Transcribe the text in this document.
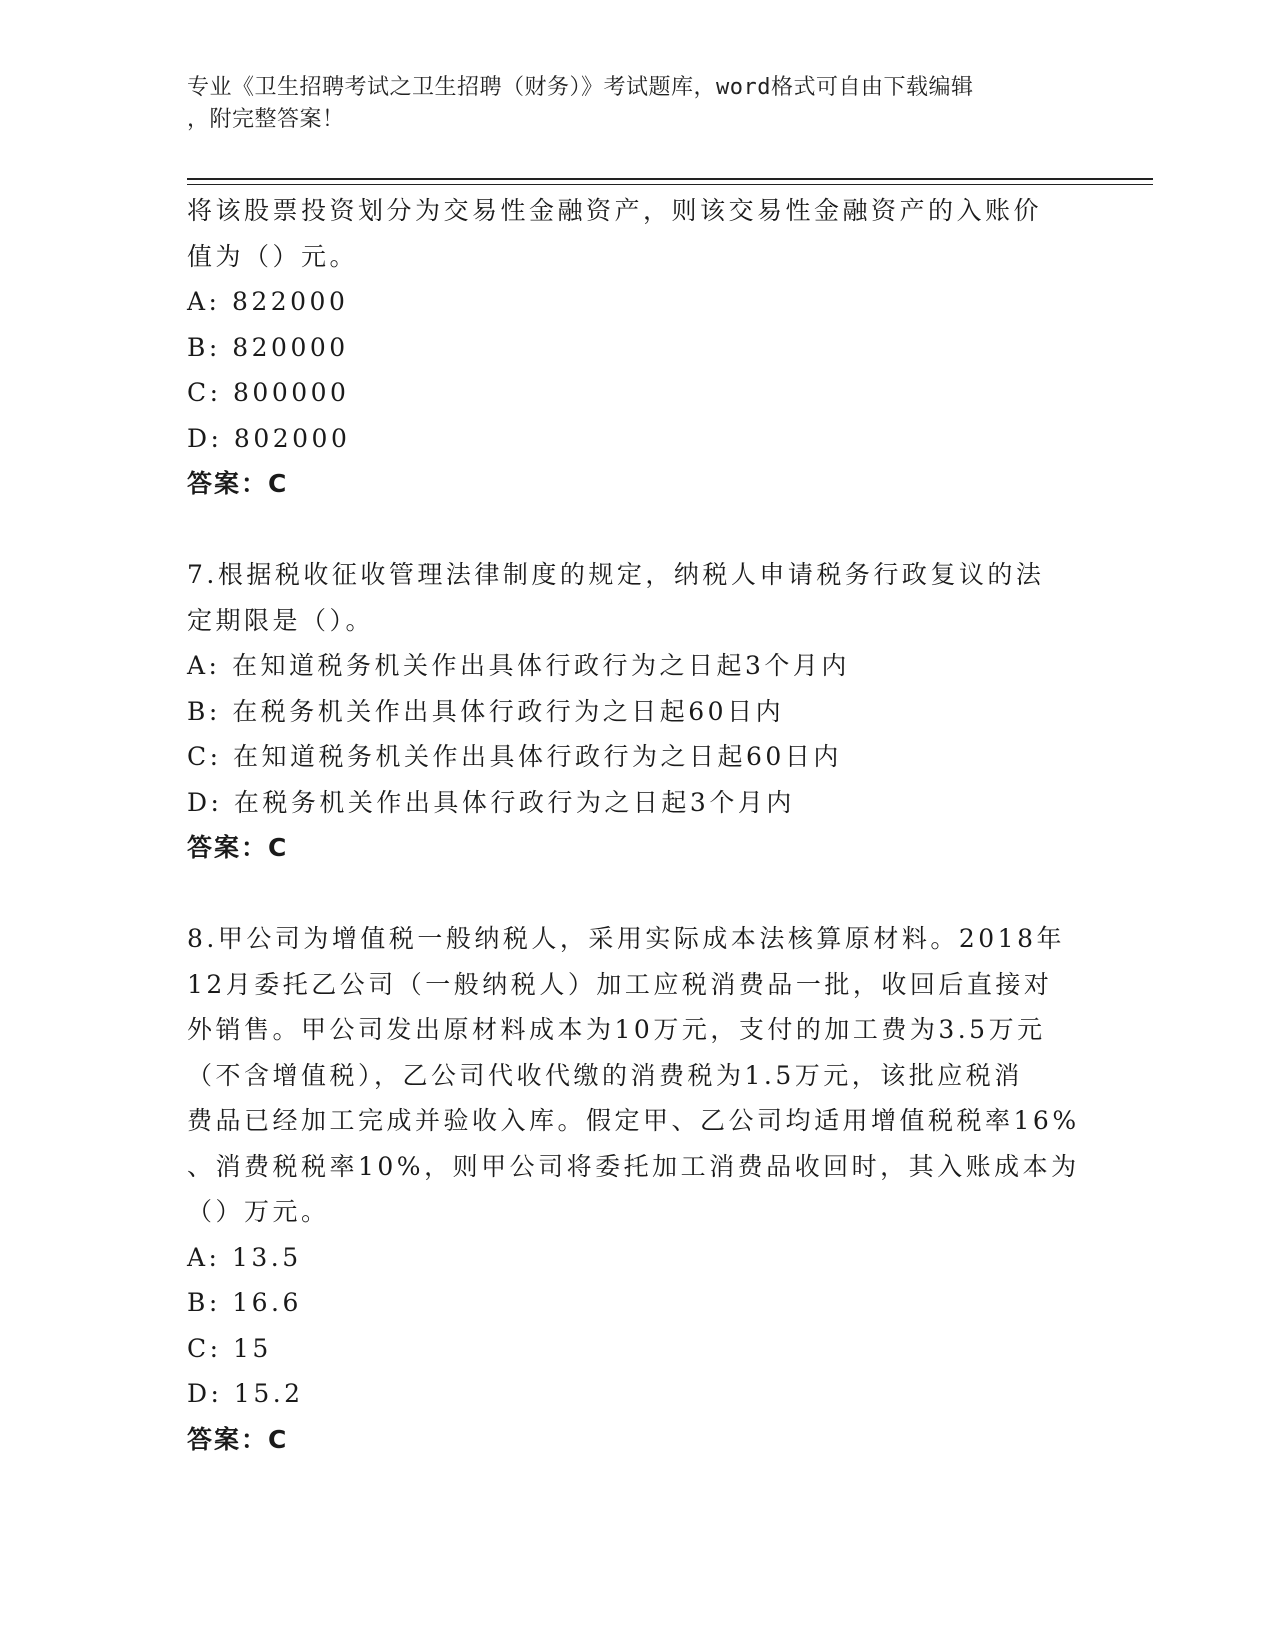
专业《卫生招聘考试之卫生招聘（财务）》考试题库，word格式可自由下载编辑
，附完整答案！

将该股票投资划分为交易性金融资产，则该交易性金融资产的入账价

值为（）元。

A: 822000

B: 820000

C: 800000

D: 802000

答案：C

7.根据税收征收管理法律制度的规定，纳税人申请税务行政复议的法

定期限是（）。

A: 在知道税务机关作出具体行政行为之日起3个月内

B: 在税务机关作出具体行政行为之日起60日内

C: 在知道税务机关作出具体行政行为之日起60日内

D: 在税务机关作出具体行政行为之日起3个月内

答案：C

8.甲公司为增值税一般纳税人，采用实际成本法核算原材料。2018年

12月委托乙公司（一般纳税人）加工应税消费品一批，收回后直接对

外销售。甲公司发出原材料成本为10万元，支付的加工费为3.5万元

（不含增值税），乙公司代收代缴的消费税为1.5万元，该批应税消

费品已经加工完成并验收入库。假定甲、乙公司均适用增值税税率16%

、消费税税率10%，则甲公司将委托加工消费品收回时，其入账成本为

（）万元。

A: 13.5

B: 16.6

C: 15

D: 15.2

答案：C
